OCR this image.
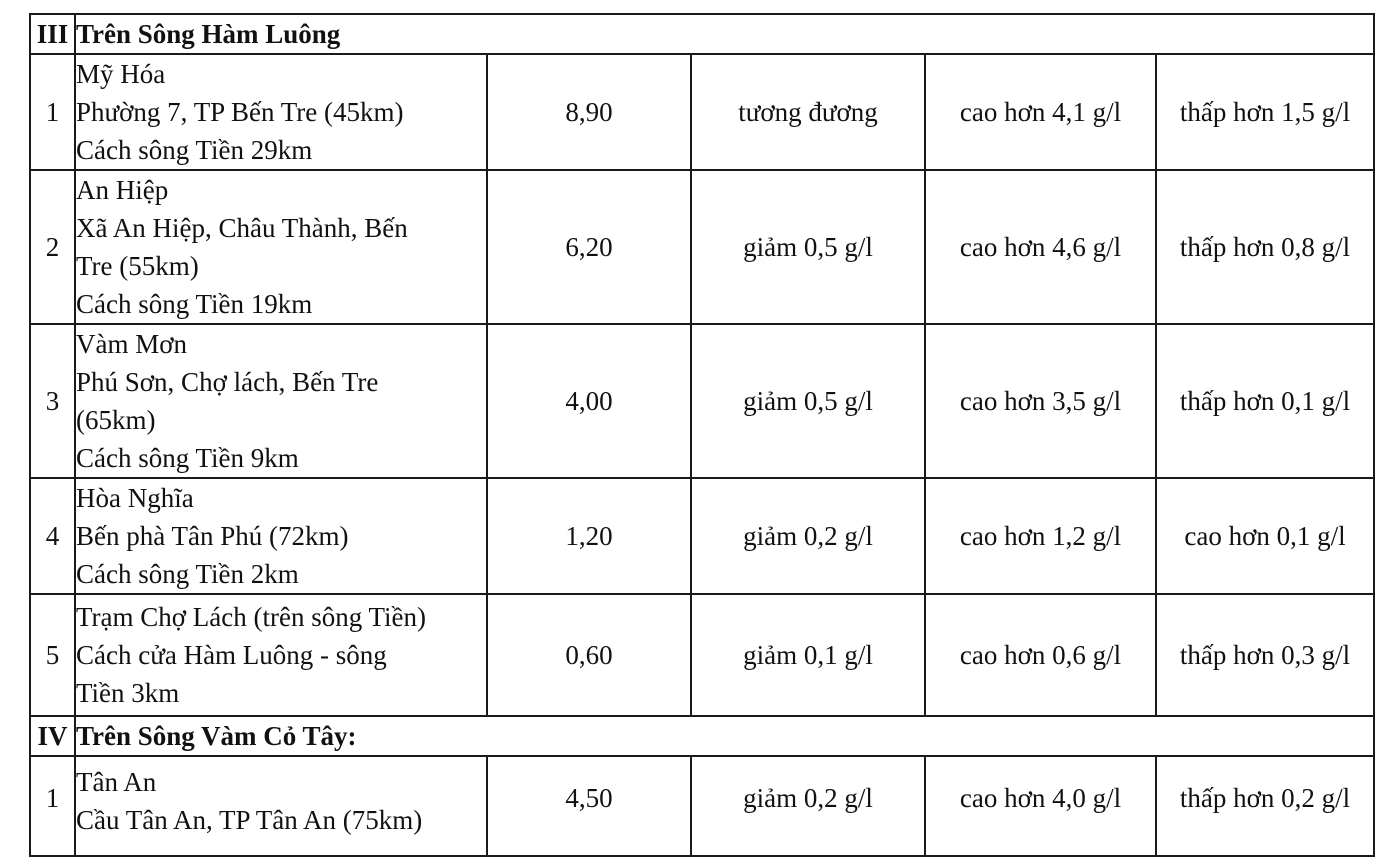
III	Trên Sông Hàm Luông				
1	Mỹ Hóa
Phường 7, TP Bến Tre (45km)
Cách sông Tiền 29km	8,90	tương đương	cao hơn 4,1 g/l	thấp hơn 1,5 g/l
2	An Hiệp
Xã An Hiệp, Châu Thành, Bến
Tre (55km)
Cách sông Tiền 19km	6,20	giảm 0,5 g/l	cao hơn 4,6 g/l	thấp hơn 0,8 g/l
3	Vàm Mơn
Phú Sơn, Chợ lách, Bến Tre
(65km)
Cách sông Tiền 9km	4,00	giảm 0,5 g/l	cao hơn 3,5 g/l	thấp hơn 0,1 g/l
4	Hòa Nghĩa
Bến phà Tân Phú (72km)
Cách sông Tiền 2km	1,20	giảm 0,2 g/l	cao hơn 1,2 g/l	cao hơn 0,1 g/l
5	Trạm Chợ Lách (trên sông Tiền)
Cách cửa Hàm Luông - sông
Tiền 3km	0,60	giảm 0,1 g/l	cao hơn 0,6 g/l	thấp hơn 0,3 g/l
IV	Trên Sông Vàm Cỏ Tây:				
1	Tân An
Cầu Tân An, TP Tân An (75km)	4,50	giảm 0,2 g/l	cao hơn 4,0 g/l	thấp hơn 0,2 g/l
